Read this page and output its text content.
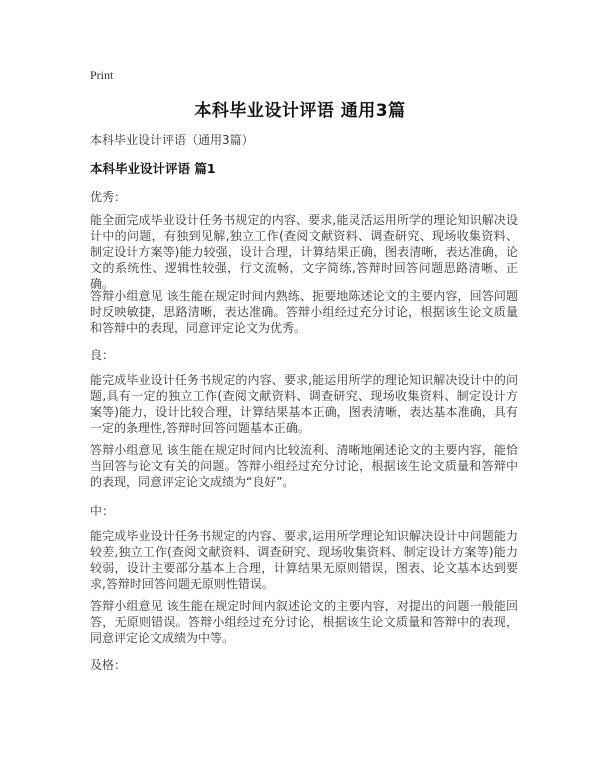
Print
本科毕业设计评语 通用3篇
本科毕业设计评语（通用3篇）
本科毕业设计评语 篇1
优秀：
能全面完成毕业设计任务书规定的内容、要求,能灵活运用所学的理论知识解决设计中的问题，有独到见解,独立工作(查阅文献资料、调查研究、现场收集资料、制定设计方案等)能力较强，设计合理，计算结果正确，图表清晰，表达准确，论文的系统性、逻辑性较强，行文流畅，文字简练,答辩时回答问题思路清晰、正确。
答辩小组意见 该生能在规定时间内熟练、扼要地陈述论文的主要内容，回答问题时反映敏捷，思路清晰，表达准确。答辩小组经过充分讨论，根据该生论文质量和答辩中的表现，同意评定论文为优秀。
良：
能完成毕业设计任务书规定的内容、要求,能运用所学的理论知识解决设计中的问题,具有一定的独立工作(查阅文献资料、调查研究、现场收集资料、制定设计方案等)能力，设计比较合理，计算结果基本正确，图表清晰，表达基本准确，具有一定的条理性,答辩时回答问题基本正确。
答辩小组意见 该生能在规定时间内比较流利、清晰地阐述论文的主要内容，能恰当回答与论文有关的问题。答辩小组经过充分讨论，根据该生论文质量和答辩中的表现，同意评定论文成绩为“良好”。
中：
能完成毕业设计任务书规定的内容、要求,运用所学理论知识解决设计中问题能力较差,独立工作(查阅文献资料、调查研究、现场收集资料、制定设计方案等)能力较弱，设计主要部分基本上合理，计算结果无原则错误，图表、论文基本达到要求,答辩时回答问题无原则性错误。
答辩小组意见 该生能在规定时间内叙述论文的主要内容，对提出的问题一般能回答，无原则错误。答辩小组经过充分讨论，根据该生论文质量和答辩中的表现，同意评定论文成绩为中等。
及格：
